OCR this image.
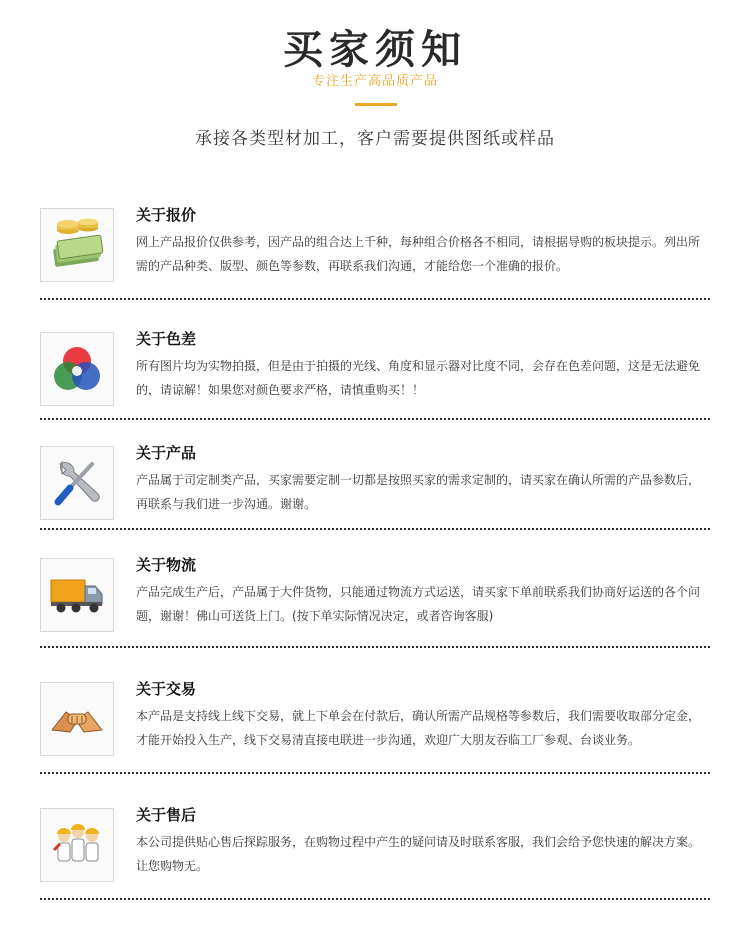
买家须知
专注生产高品质产品
承接各类型材加工，客户需要提供图纸或样品
关于报价
网上产品报价仅供参考，因产品的组合达上千种，每种组合价格各不相同，请根据导购的板块提示。列出所需的产品种类、版型、颜色等参数，再联系我们沟通，才能给您一个准确的报价。
关于色差
所有图片均为实物拍摄，但是由于拍摄的光线、角度和显示器对比度不同，会存在色差问题，这是无法避免的，请谅解！如果您对颜色要求严格，请慎重购买！！
关于产品
产品属于司定制类产品，买家需要定制一切都是按照买家的需求定制的，请买家在确认所需的产品参数后，再联系与我们进一步沟通。谢谢。
关于物流
产品完成生产后，产品属于大件货物，只能通过物流方式运送，请买家下单前联系我们协商好运送的各个问题，谢谢！佛山可送货上门。(按下单实际情况决定，或者咨询客服)
关于交易
本产品是支持线上线下交易，就上下单会在付款后，确认所需产品规格等参数后，我们需要收取部分定金，才能开始投入生产，线下交易清直接电联进一步沟通，欢迎广大朋友吞临工厂参观、台谈业务。
关于售后
本公司提供贴心售后探踪服务，在购物过程中产生的疑问请及时联系客服，我们会给予您快速的解决方案。让您购物无。
